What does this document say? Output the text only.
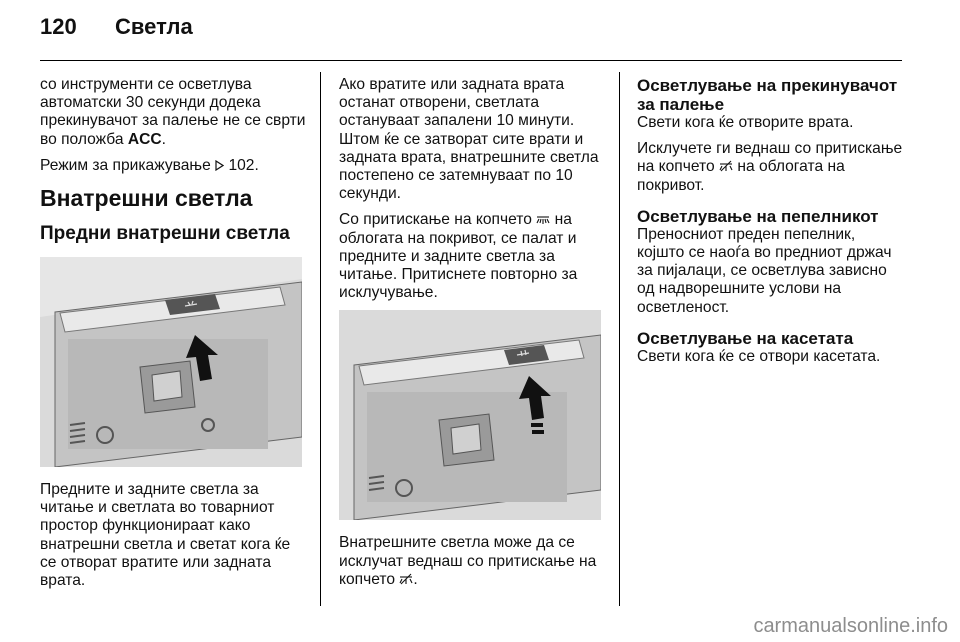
120 Светла

со инструменти се осветлува автоматски 30 секунди додека прекинувачот за палење не се сврти во положба ACC.

Режим за прикажување 102.

Внатрешни светла
Предни внатрешни светла

Предните и задните светла за читање и светлата во товарниот простор функционираат како внатрешни светла и светат кога ќе се отворат вратите или задната врата.

Ако вратите или задната врата останат отворени, светлата остануваат запалени 10 минути. Штом ќе се затворат сите врати и задната врата, внатрешните светла постепено се затемнуваат по 10 секунди.

Со притискање на копчето на облогата на покривот, се палат и предните и задните светла за читање. Притиснете повторно за исклучување.

Внатрешните светла може да се исклучат веднаш со притискање на копчето .

Осветлување на прекинувачот за палење

Свети кога ќе отворите врата.

Исклучете ги веднаш со притискање на копчето на облогата на покривот.

Осветлување на пепелникот

Преносниот преден пепелник, којшто се наоѓа во предниот држач за пијалаци, се осветлува зависно од надворешните услови на осветленост.

Осветлување на касетата

Свети кога ќе се отвори касетата.

carmanualsonline.info
